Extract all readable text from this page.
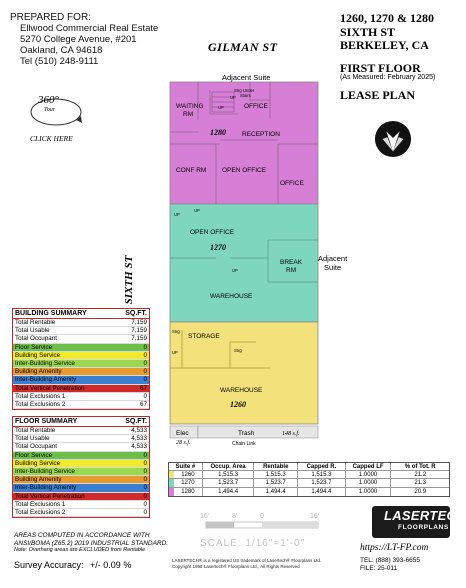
PREPARED FOR:
Ellwood Commercial Real Estate
5270 College Avenue, #201
Oakland, CA 94618
Tel (510) 248-9111
1260, 1270 & 1280
SIXTH ST
BERKELEY, CA
FIRST FLOOR
(As Measured: February 2025)
LEASE PLAN
GILMAN ST
Adjacent Suite
Adjacent
Suite
SIXTH ST
360°
Tour
CLICK HERE
WAITING
RM
Strg Under
Stairs
OFFICE
UP
UP
1280 RECEPTION
CONF RM OPEN OFFICE
OFFICE
UP
UP
OPEN OFFICE
1270
UP
BREAK
RM
WAREHOUSE
Strg
STORAGE
UP	Strg
WAREHOUSE
1260
Elec	Trash	148 s.f.
28 s.f.	Chain Link
BUILDING SUMMARY	SQ.FT.
Total Rentable	7,159
Total Usable	7,159
Total Occupant	7,159
Floor Service	0
Building Service	0
Inter-Building Service	0
Building Amenity	0
Inter-Building Amenity	0
Total Vertical Penetration	67
Total Exclusions 1	0
Total Exclusions 2	67
FLOOR SUMMARY	SQ.FT.
Total Rentable	4,533
Total Usable	4,533
Total Occupant	4,533
Floor Service	0
Building Service	0
Inter-Building Service	0
Building Amenity	0
Inter-Building Amenity	0
Total Vertical Penetration	0
Total Exclusions 1	0
Total Exclusions 2	0
AREAS COMPUTED IN ACCORDANCE WITH
ANSI/BOMA (Z65.2) 2019 INDUSTRIAL STANDARD.
Note: Overhang areas are EXCLUDED from Rentable
Survey Accuracy: +/- 0.09 %
Suite #	Occup. Area	Rentable	Capped R.	Capped LF	% of Tot. R
1260	1,515.3	1,515.3	1,515.3	1.0000	21.2
1270	1,523.7	1,523.7	1,523.7	1.0000	21.3
1280	1,494.4	1,494.4	1,494.4	1.0000	20.9
16'	8'	0	16'
SCALE: 1/16"=1'-0"
LASERTECH® is a registered US trademark of Lasertech® Floorplans Ltd.
Copyright 1998 Lasertech® Floorplans Ltd., All Rights Reserved
LASERTECH
FLOORPLANS
https://LT-FP.com
TEL: (888) 393-6655
FILE: 25-011
